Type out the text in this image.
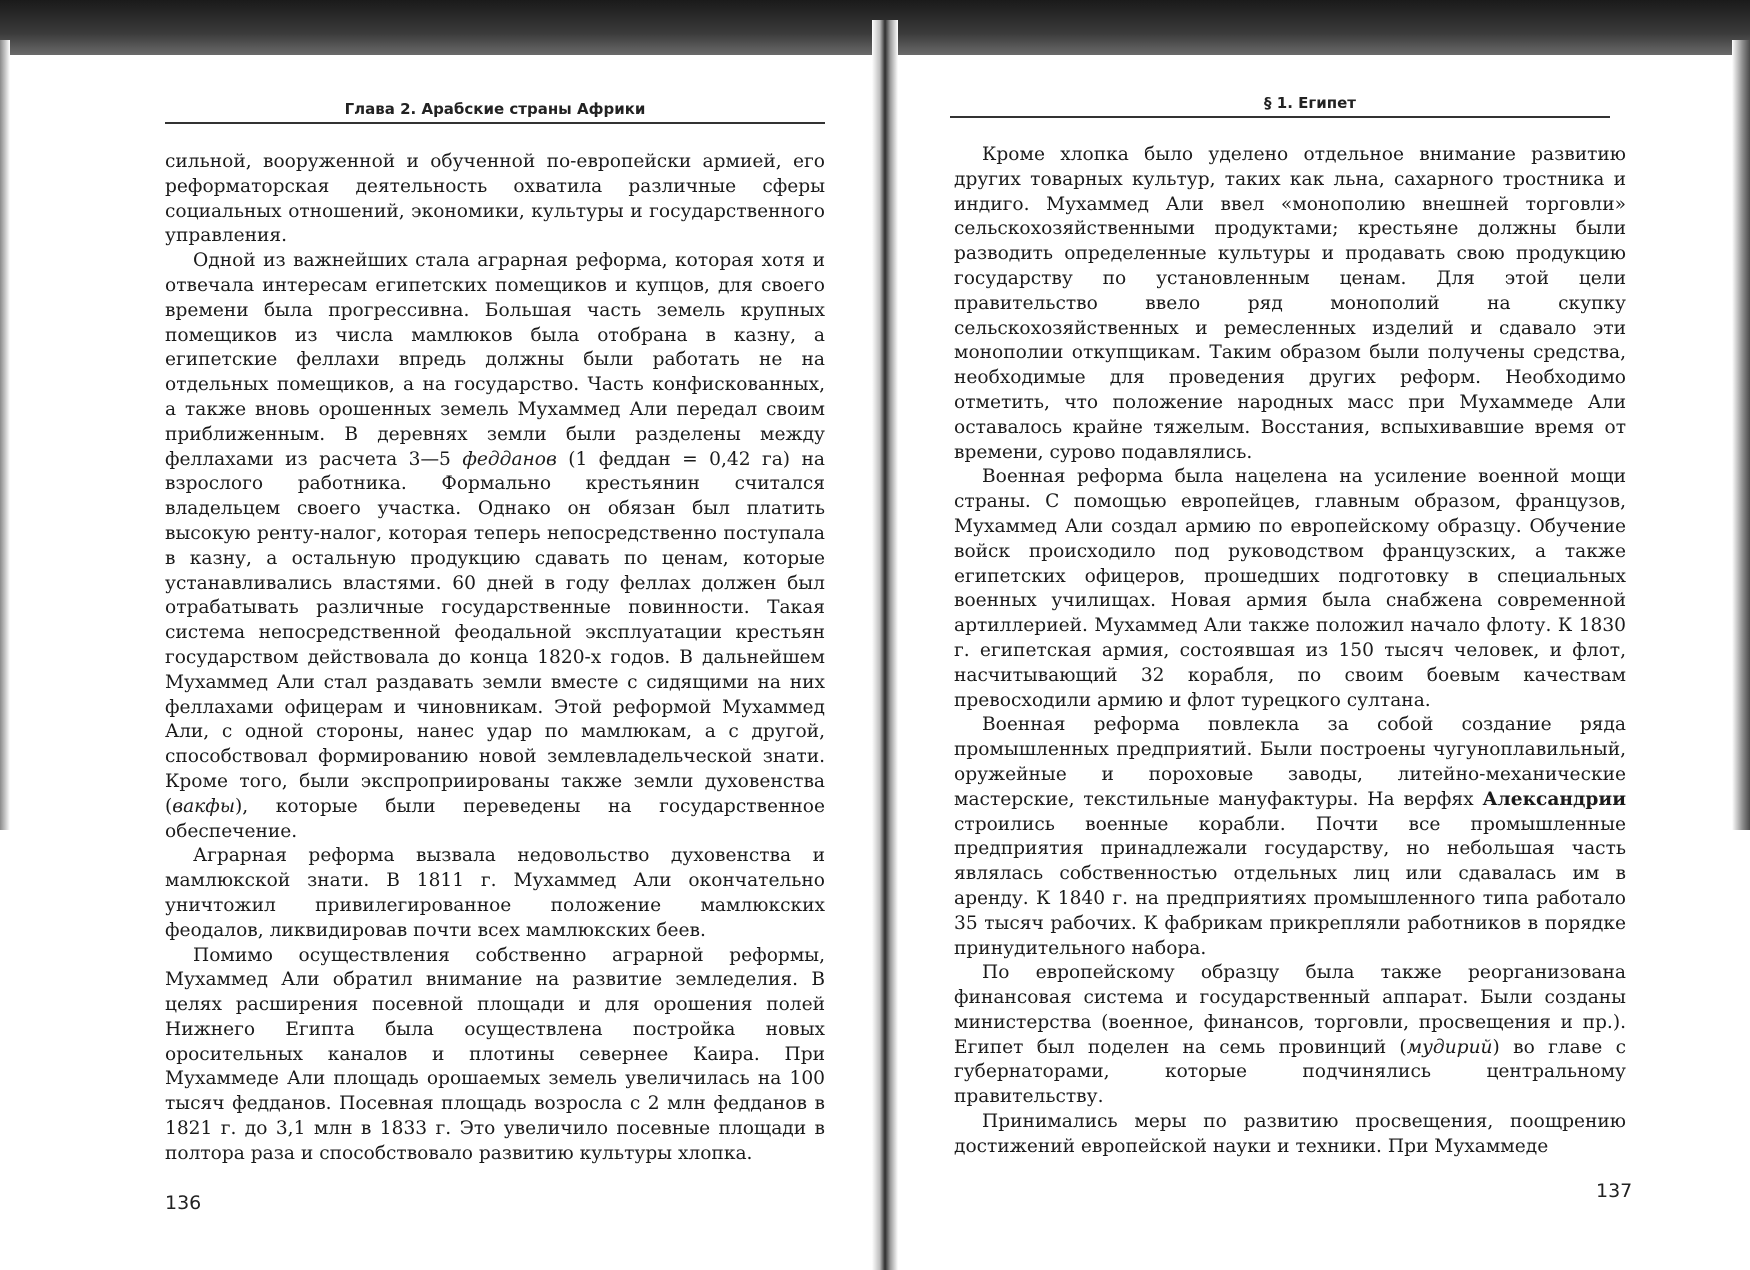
Глава 2. Арабские страны Африки

сильной, вооруженной и обученной по-европейски армией, его реформаторская деятельность охватила различные сферы социальных отношений, экономики, культуры и государственного управления.

Одной из важнейших стала аграрная реформа, которая хотя и отвечала интересам египетских помещиков и купцов, для своего времени была прогрессивна. Большая часть земель крупных помещиков из числа мамлюков была отобрана в казну, а египетские феллахи впредь должны были работать не на отдельных помещиков, а на государство. Часть конфискованных, а также вновь орошенных земель Мухаммед Али передал своим приближенным. В деревнях земли были разделены между феллахами из расчета 3—5 федданов (1 феддан = 0,42 га) на взрослого работника. Формально крестьянин считался владельцем своего участка. Однако он обязан был платить высокую ренту-налог, которая теперь непосредственно поступала в казну, а остальную продукцию сдавать по ценам, которые устанавливались властями. 60 дней в году феллах должен был отрабатывать различные государственные повинности. Такая система непосредственной феодальной эксплуатации крестьян государством действовала до конца 1820-х годов. В дальнейшем Мухаммед Али стал раздавать земли вместе с сидящими на них феллахами офицерам и чиновникам. Этой реформой Мухаммед Али, с одной стороны, нанес удар по мамлюкам, а с другой, способствовал формированию новой землевладельческой знати. Кроме того, были экспроприированы также земли духовенства (вакфы), которые были переведены на государственное обеспечение.

Аграрная реформа вызвала недовольство духовенства и мамлюкской знати. В 1811 г. Мухаммед Али окончательно уничтожил привилегированное положение мамлюкских феодалов, ликвидировав почти всех мамлюкских беев.

Помимо осуществления собственно аграрной реформы, Мухаммед Али обратил внимание на развитие земледелия. В целях расширения посевной площади и для орошения полей Нижнего Египта была осуществлена постройка новых оросительных каналов и плотины севернее Каира. При Мухаммеде Али площадь орошаемых земель увеличилась на 100 тысяч федданов. Посевная площадь возросла с 2 млн федданов в 1821 г. до 3,1 млн в 1833 г. Это увеличило посевные площади в полтора раза и способствовало развитию культуры хлопка.

136
§ 1. Египет

Кроме хлопка было уделено отдельное внимание развитию других товарных культур, таких как льна, сахарного тростника и индиго. Мухаммед Али ввел «монополию внешней торговли» сельскохозяйственными продуктами; крестьяне должны были разводить определенные культуры и продавать свою продукцию государству по установленным ценам. Для этой цели правительство ввело ряд монополий на скупку сельскохозяйственных и ремесленных изделий и сдавало эти монополии откупщикам. Таким образом были получены средства, необходимые для проведения других реформ. Необходимо отметить, что положение народных масс при Мухаммеде Али оставалось крайне тяжелым. Восстания, вспыхивавшие время от времени, сурово подавлялись.

Военная реформа была нацелена на усиление военной мощи страны. С помощью европейцев, главным образом, французов, Мухаммед Али создал армию по европейскому образцу. Обучение войск происходило под руководством французских, а также египетских офицеров, прошедших подготовку в специальных военных училищах. Новая армия была снабжена современной артиллерией. Мухаммед Али также положил начало флоту. К 1830 г. египетская армия, состоявшая из 150 тысяч человек, и флот, насчитывающий 32 корабля, по своим боевым качествам превосходили армию и флот турецкого султана.

Военная реформа повлекла за собой создание ряда промышленных предприятий. Были построены чугуноплавильный, оружейные и пороховые заводы, литейно-механические мастерские, текстильные мануфактуры. На верфях Александрии строились военные корабли. Почти все промышленные предприятия принадлежали государству, но небольшая часть являлась собственностью отдельных лиц или сдавалась им в аренду. К 1840 г. на предприятиях промышленного типа работало 35 тысяч рабочих. К фабрикам прикрепляли работников в порядке принудительного набора.

По европейскому образцу была также реорганизована финансовая система и государственный аппарат. Были созданы министерства (военное, финансов, торговли, просвещения и пр.). Египет был поделен на семь провинций (мудирий) во главе с губернаторами, которые подчинялись центральному правительству.

Принимались меры по развитию просвещения, поощрению достижений европейской науки и техники. При Мухаммеде

137
